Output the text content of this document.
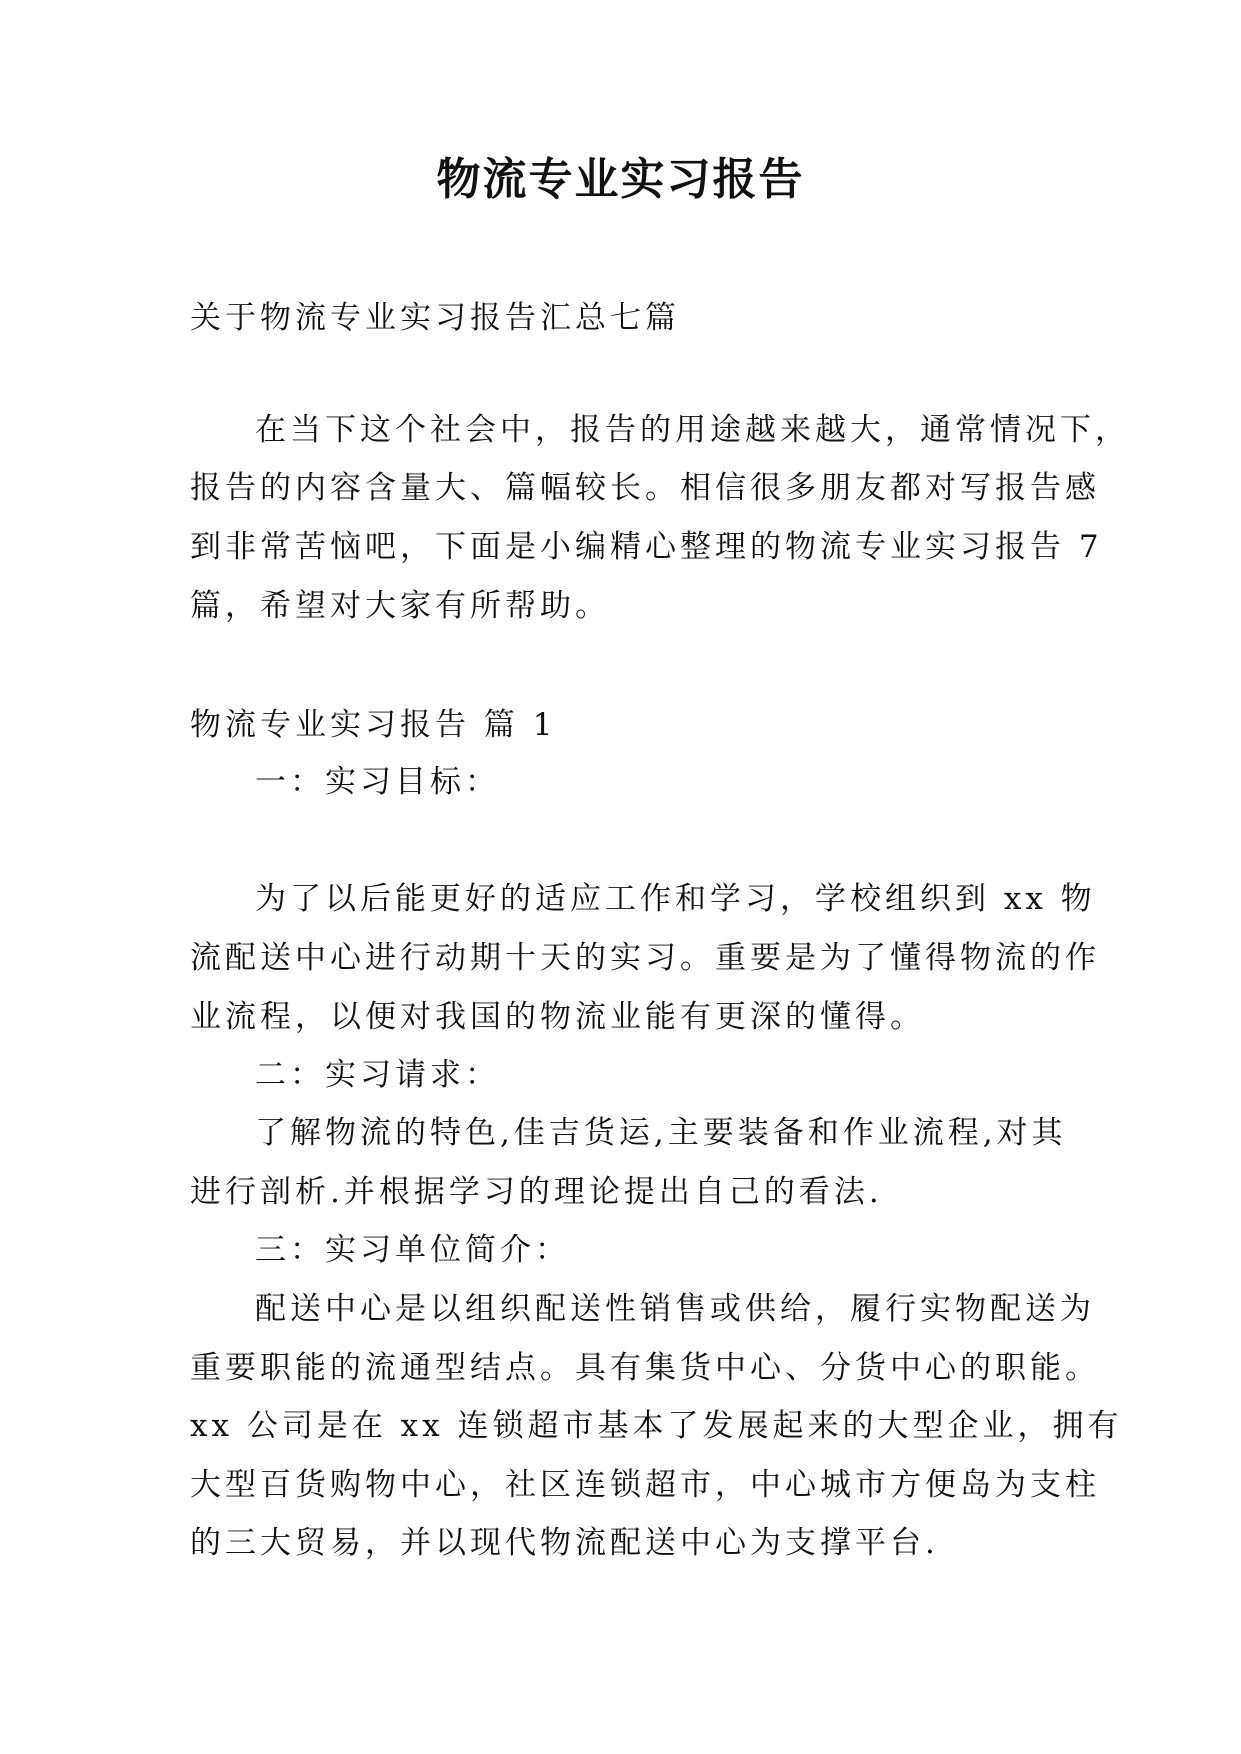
物流专业实习报告
关于物流专业实习报告汇总七篇
在当下这个社会中，报告的用途越来越大，通常情况下，
报告的内容含量大、篇幅较长。相信很多朋友都对写报告感
到非常苦恼吧，下面是小编精心整理的物流专业实习报告 7
篇，希望对大家有所帮助。
物流专业实习报告 篇 1
一：实习目标：
为了以后能更好的适应工作和学习，学校组织到 xx 物
流配送中心进行动期十天的实习。重要是为了懂得物流的作
业流程，以便对我国的物流业能有更深的懂得。
二：实习请求：
了解物流的特色,佳吉货运,主要装备和作业流程,对其
进行剖析.并根据学习的理论提出自己的看法.
三：实习单位简介：
配送中心是以组织配送性销售或供给，履行实物配送为
重要职能的流通型结点。具有集货中心、分货中心的职能。
xx 公司是在 xx 连锁超市基本了发展起来的大型企业，拥有
大型百货购物中心，社区连锁超市，中心城市方便岛为支柱
的三大贸易，并以现代物流配送中心为支撑平台.
